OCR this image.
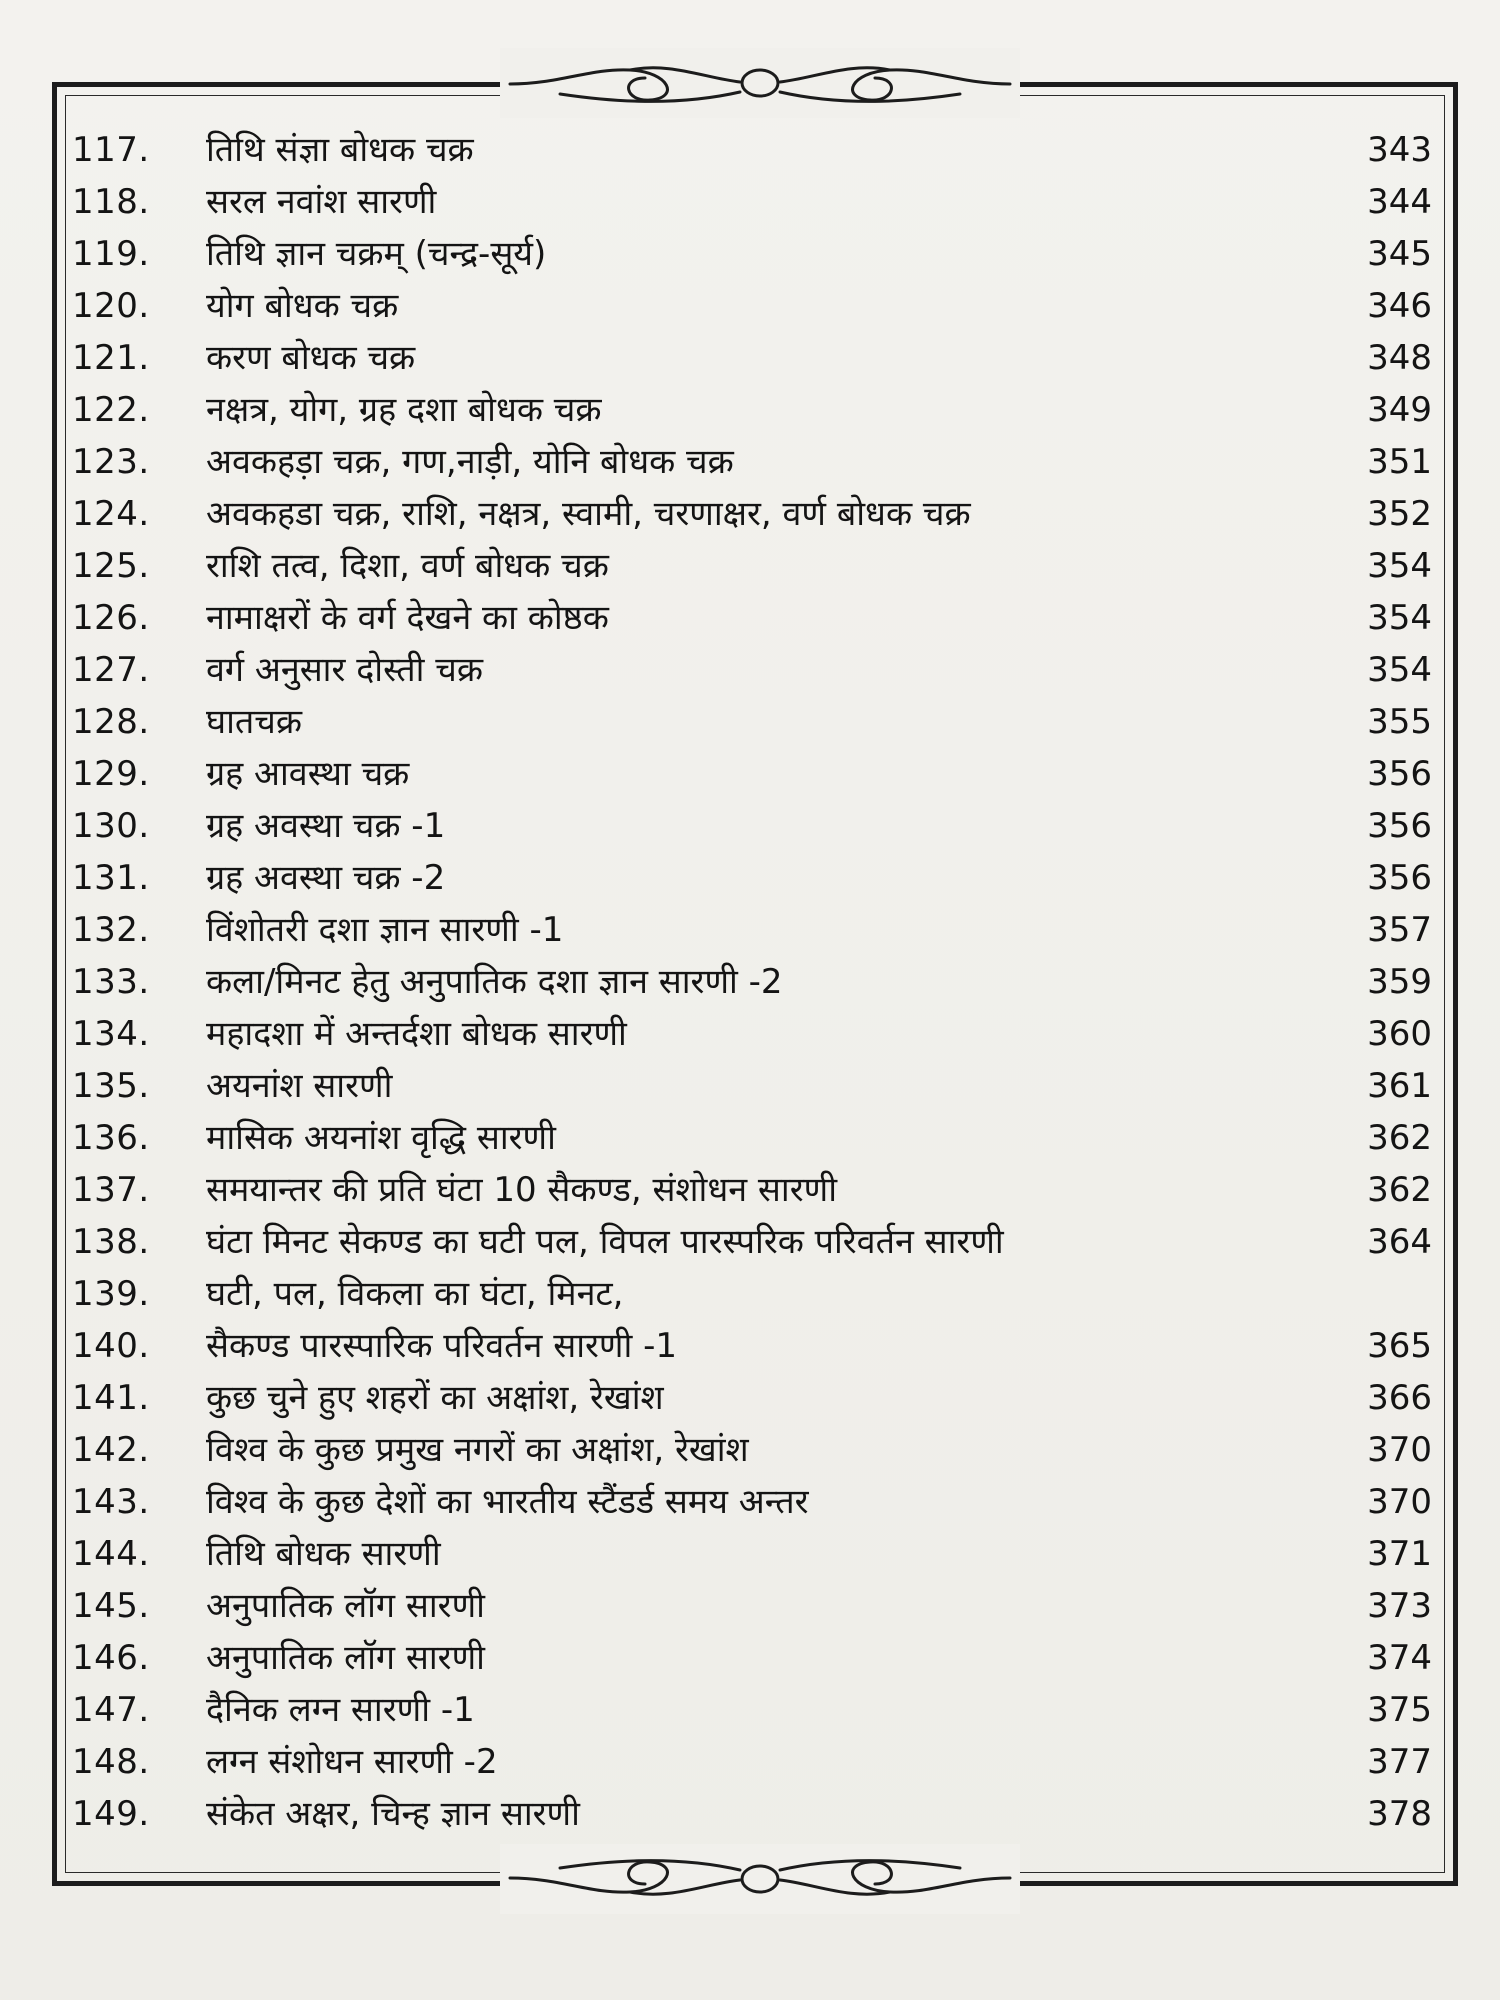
117.	तिथि संज्ञा बोधक चक्र	343
118.	सरल नवांश सारणी	344
119.	तिथि ज्ञान चक्रम् (चन्द्र-सूर्य)	345
120.	योग बोधक चक्र	346
121.	करण बोधक चक्र	348
122.	नक्षत्र, योग, ग्रह दशा बोधक चक्र	349
123.	अवकहड़ा चक्र, गण,नाड़ी, योनि बोधक चक्र	351
124.	अवकहडा चक्र, राशि, नक्षत्र, स्वामी, चरणाक्षर, वर्ण बोधक चक्र	352
125.	राशि तत्व, दिशा, वर्ण बोधक चक्र	354
126.	नामाक्षरों के वर्ग देखने का कोष्ठक	354
127.	वर्ग अनुसार दोस्ती चक्र	354
128.	घातचक्र	355
129.	ग्रह आवस्था चक्र	356
130.	ग्रह अवस्था चक्र -1	356
131.	ग्रह अवस्था चक्र -2	356
132.	विंशोतरी दशा ज्ञान सारणी -1	357
133.	कला/मिनट हेतु अनुपातिक दशा ज्ञान सारणी -2	359
134.	महादशा में अन्तर्दशा बोधक सारणी	360
135.	अयनांश सारणी	361
136.	मासिक अयनांश वृद्धि सारणी	362
137.	समयान्तर की प्रति घंटा 10 सैकण्ड, संशोधन सारणी	362
138.	घंटा मिनट सेकण्ड का घटी पल, विपल पारस्परिक परिवर्तन सारणी	364
139.	घटी, पल, विकला का घंटा, मिनट,
140.	सैकण्ड पारस्पारिक परिवर्तन सारणी -1	365
141.	कुछ चुने हुए शहरों का अक्षांश, रेखांश	366
142.	विश्व के कुछ प्रमुख नगरों का अक्षांश, रेखांश	370
143.	विश्व के कुछ देशों का भारतीय स्टैंडर्ड समय अन्तर	370
144.	तिथि बोधक सारणी	371
145.	अनुपातिक लॉग सारणी	373
146.	अनुपातिक लॉग सारणी	374
147.	दैनिक लग्न सारणी -1	375
148.	लग्न संशोधन सारणी -2	377
149.	संकेत अक्षर, चिन्ह ज्ञान सारणी	378
